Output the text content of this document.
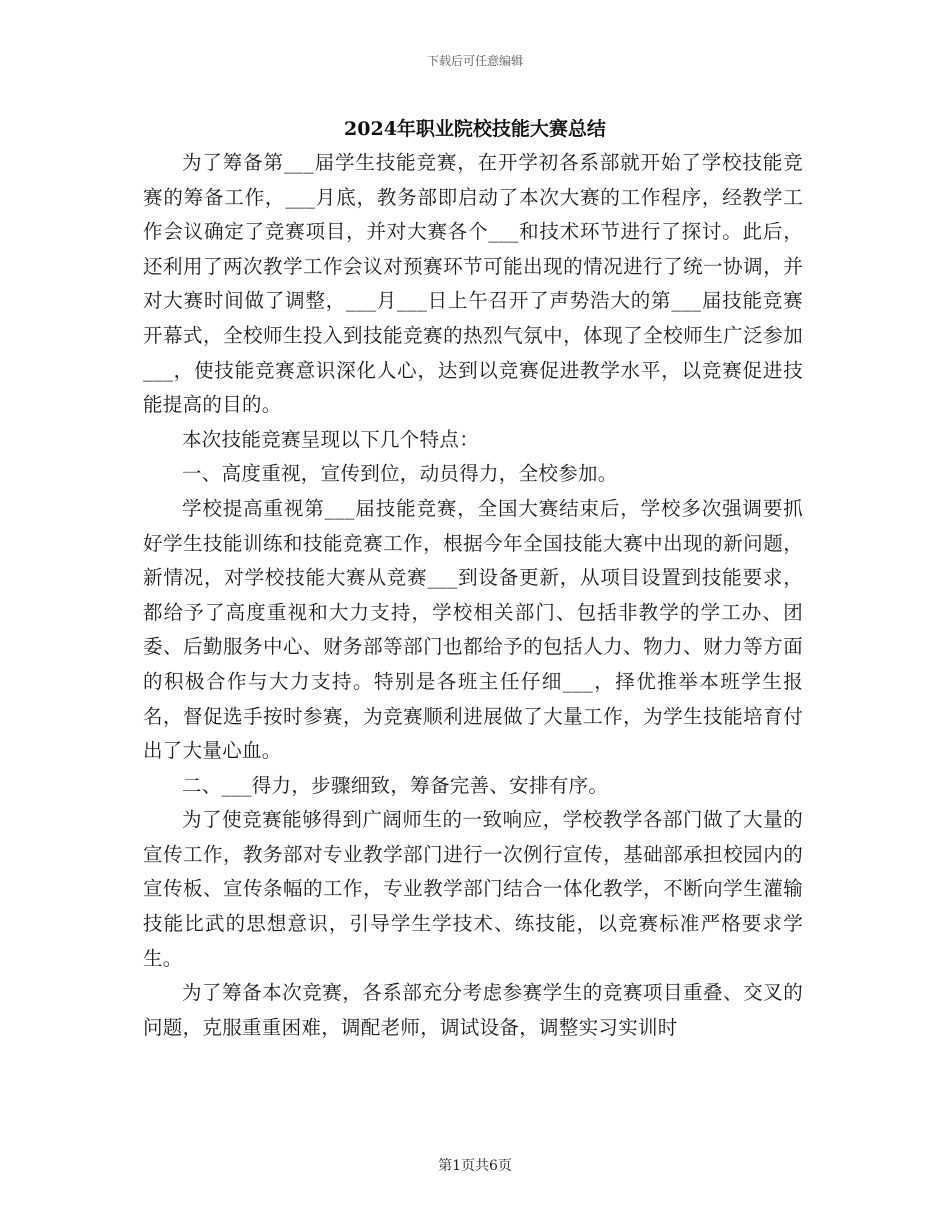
下载后可任意编辑
2024年职业院校技能大赛总结

为了筹备第___届学生技能竞赛，在开学初各系部就开始了学校技能竞赛的筹备工作，___月底，教务部即启动了本次大赛的工作程序，经教学工作会议确定了竞赛项目，并对大赛各个___和技术环节进行了探讨。此后，还利用了两次教学工作会议对预赛环节可能出现的情况进行了统一协调，并对大赛时间做了调整，___月___日上午召开了声势浩大的第___届技能竞赛开幕式，全校师生投入到技能竞赛的热烈气氛中，体现了全校师生广泛参加___，使技能竞赛意识深化人心，达到以竞赛促进教学水平，以竞赛促进技能提高的目的。

本次技能竞赛呈现以下几个特点：

一、高度重视，宣传到位，动员得力，全校参加。

学校提高重视第___届技能竞赛，全国大赛结束后，学校多次强调要抓好学生技能训练和技能竞赛工作，根据今年全国技能大赛中出现的新问题，新情况，对学校技能大赛从竞赛___到设备更新，从项目设置到技能要求，都给予了高度重视和大力支持，学校相关部门、包括非教学的学工办、团委、后勤服务中心、财务部等部门也都给予的包括人力、物力、财力等方面的积极合作与大力支持。特别是各班主任仔细___，择优推举本班学生报名，督促选手按时参赛，为竞赛顺利进展做了大量工作，为学生技能培育付出了大量心血。

二、___得力，步骤细致，筹备完善、安排有序。

为了使竞赛能够得到广阔师生的一致响应，学校教学各部门做了大量的宣传工作，教务部对专业教学部门进行一次例行宣传，基础部承担校园内的宣传板、宣传条幅的工作，专业教学部门结合一体化教学，不断向学生灌输技能比武的思想意识，引导学生学技术、练技能，以竞赛标准严格要求学生。

为了筹备本次竞赛，各系部充分考虑参赛学生的竞赛项目重叠、交叉的问题，克服重重困难，调配老师，调试设备，调整实习实训时

第1页共6页
